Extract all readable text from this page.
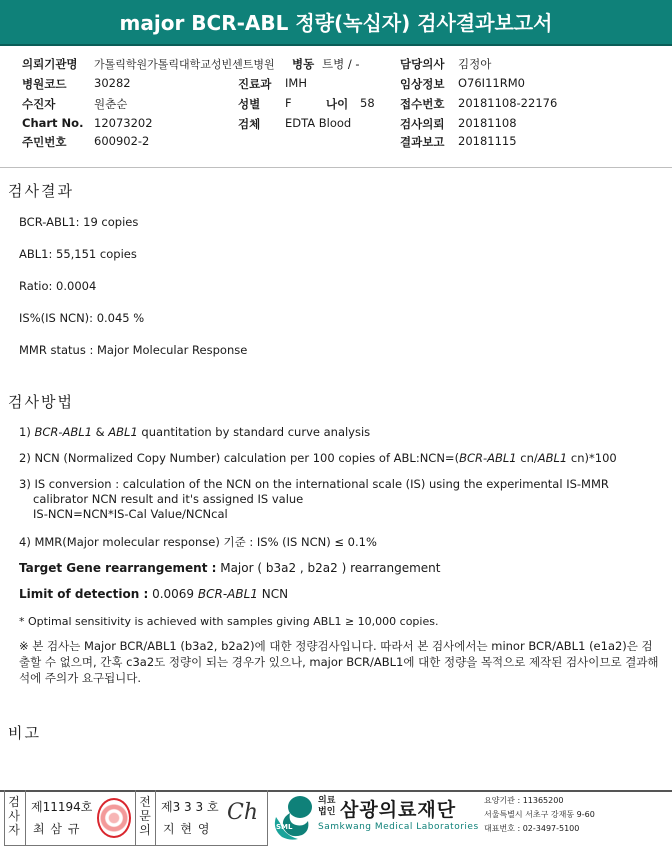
major BCR-ABL 정량(녹십자) 검사결과보고서
의뢰기관명 가톨릭학원가톨릭대학교성빈센트병원 병동 트병 / -	담당의사 김정아
병원코드 30282	진료과 IMH	임상정보 O76I11RM0
수진자	원춘순	성별 F	나이 58 접수번호 20181108-22176
Chart No. 12073202	검체 EDTA Blood	검사의뢰 20181108
주민번호 600902-2	결과보고 20181115
검사결과
BCR-ABL1: 19 copies
ABL1: 55,151 copies
Ratio: 0.0004
IS%(IS NCN): 0.045 %
MMR status : Major Molecular Response
검사방법
1) BCR-ABL1 & ABL1 quantitation by standard curve analysis
2) NCN (Normalized Copy Number) calculation per 100 copies of ABL:NCN=(BCR-ABL1 cn/ABL1 cn)*100
3) IS conversion : calculation of the NCN on the international scale (IS) using the experimental IS-MMR
calibrator NCN result and it's assigned IS value
IS-NCN=NCN*IS-Cal Value/NCNcal
4) MMR(Major molecular response) 기준 : IS% (IS NCN) ≤ 0.1%
Target Gene rearrangement : Major ( b3a2 , b2a2 ) rearrangement
Limit of detection : 0.0069 BCR-ABL1 NCN
* Optimal sensitivity is achieved with samples giving ABL1 ≥ 10,000 copies.
※ 본 검사는 Major BCR/ABL1 (b3a2, b2a2)에 대한 정량검사입니다. 따라서 본 검사에서는 minor BCR/ABL1 (e1a2)은 검출할 수 없으며, 간혹 c3a2도 정량이 되는 경우가 있으나, major BCR/ABL1에 대한 정량을 목적으로 제작된 검사이므로 결과해석에 주의가 요구됩니다.
비고
검사자
제11194호
최 삼 규
전문의
제3 3 3 호
지 현 영
Ch
SML
의료법인 삼광의료재단
Samkwang Medical Laboratories
요양기관 : 11365200
서울특별시 서초구 강재동 9-60
대표번호 : 02-3497-5100
